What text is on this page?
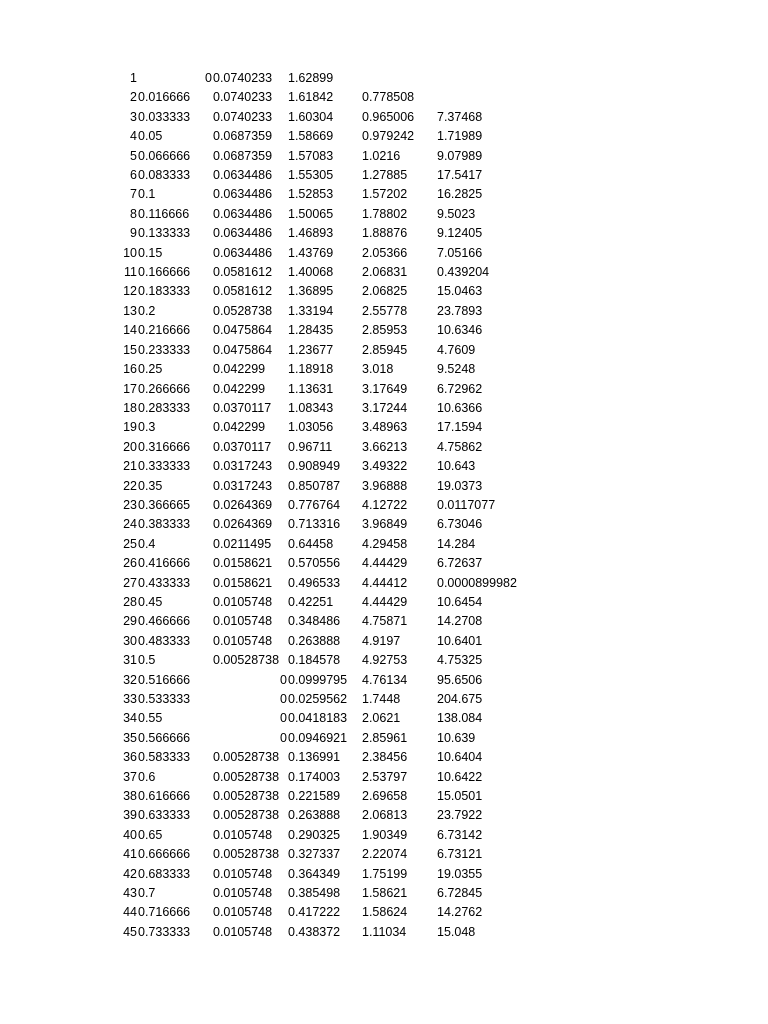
1	0 0.0740233 1.62899
2 0.016666 0.0740233 1.61842 0.778508
3 0.033333 0.0740233 1.60304 0.965006 7.37468
4 0.05	0.0687359 1.58669 0.979242 1.71989
5 0.066666 0.0687359 1.57083 1.0216	9.07989
6 0.083333 0.0634486 1.55305 1.27885 17.5417
7 0.1	0.0634486 1.52853 1.57202 16.2825
8 0.116666 0.0634486 1.50065 1.78802 9.5023
9 0.133333 0.0634486 1.46893 1.88876 9.12405
10 0.15	0.0634486 1.43769 2.05366 7.05166
11 0.166666 0.0581612 1.40068 2.06831 0.439204
12 0.183333 0.0581612 1.36895 2.06825 15.0463
13 0.2	0.0528738 1.33194 2.55778 23.7893
14 0.216666 0.0475864 1.28435 2.85953 10.6346
15 0.233333 0.0475864 1.23677 2.85945 4.7609
16 0.25	0.042299 1.18918 3.018	9.5248
17 0.266666 0.042299 1.13631 3.17649 6.72962
18 0.283333 0.0370117 1.08343 3.17244 10.6366
19 0.3	0.042299 1.03056 3.48963 17.1594
20 0.316666 0.0370117 0.96711 3.66213 4.75862
21 0.333333 0.0317243 0.908949 3.49322 10.643
22 0.35	0.0317243 0.850787 3.96888 19.0373
23 0.366665 0.0264369 0.776764 4.12722 0.0117077
24 0.383333 0.0264369 0.713316 3.96849 6.73046
25 0.4	0.0211495 0.64458 4.29458 14.284
26 0.416666 0.0158621 0.570556 4.44429 6.72637
27 0.433333 0.0158621 0.496533 4.44412 0.0000899982
28 0.45	0.0105748 0.42251 4.44429 10.6454
29 0.466666 0.0105748 0.348486 4.75871 14.2708
30 0.483333 0.0105748 0.263888 4.9197	10.6401
31 0.5	0.00528738 0.184578 4.92753 4.75325
32 0.516666	0 0.0999795 4.76134 95.6506
33 0.533333	0 0.0259562 1.7448	204.675
34 0.55	0 0.0418183 2.0621	138.084
35 0.566666	0 0.0946921 2.85961 10.639
36 0.583333 0.00528738 0.136991 2.38456 10.6404
37 0.6	0.00528738 0.174003 2.53797 10.6422
38 0.616666 0.00528738 0.221589 2.69658 15.0501
39 0.633333 0.00528738 0.263888 2.06813 23.7922
40 0.65	0.0105748 0.290325 1.90349 6.73142
41 0.666666 0.00528738 0.327337 2.22074 6.73121
42 0.683333 0.0105748 0.364349 1.75199 19.0355
43 0.7	0.0105748 0.385498 1.58621 6.72845
44 0.716666 0.0105748 0.417222 1.58624 14.2762
45 0.733333 0.0105748 0.438372 1.11034 15.048
